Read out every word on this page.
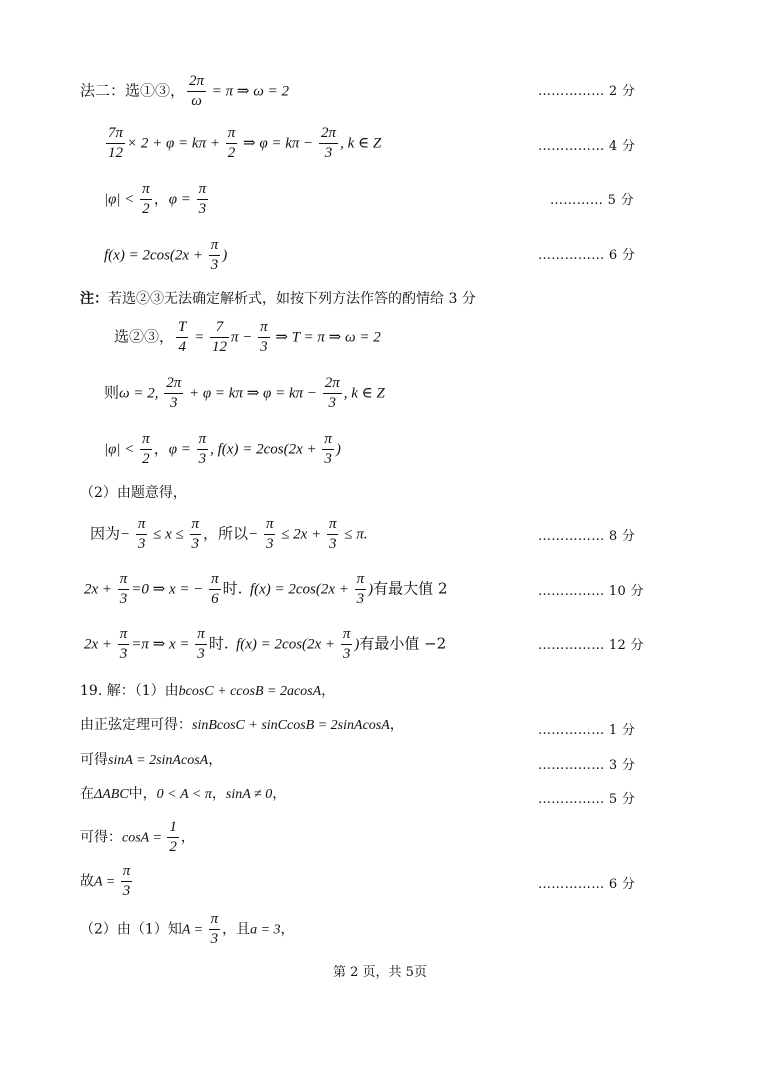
法二：选①③， $\frac{2\pi}{\omega} = \pi$ ⇒ ω = 2	…………… 2 分
$\frac{7\pi}{12} \times 2 + \varphi = k\pi + \frac{\pi}{2}$ ⇒ $\varphi = k\pi - \frac{2\pi}{3}$ , k ∈ Z	…………… 4 分
$|\varphi| < \frac{\pi}{2}$ ，$\varphi = \frac{\pi}{3}$	………… 5 分
$f(x) = 2\cos(2x + \frac{\pi}{3}$ )	…………… 6 分
注：若选②③无法确定解析式，如按下列方法作答的酌情给 3 分
选②③， $\frac{T}{4} = \frac{7}{12}$ $\pi - \frac{\pi}{3}$ ⇒ T = π ⇒ ω = 2
则ω = 2, $\frac{2\pi}{3} + \varphi = k\pi$ ⇒ $\varphi = k\pi - \frac{2\pi}{3}$ , k ∈ Z
$|\varphi| < \frac{\pi}{2}$ ，$\varphi = \frac{\pi}{3}$ , $f(x) = 2\cos(2x + \frac{\pi}{3}$ )
（2）由题意得，
因为− $\frac{\pi}{3} \le x \le \frac{\pi}{3}$ ，所以− $\frac{\pi}{3} \le 2x + \frac{\pi}{3} \le \pi$.	…………… 8 分
$2x + \frac{\pi}{3} =0$ ⇒ x = − $\frac{\pi}{6}$ 时.  $f(x) = 2\cos(2x + \frac{\pi}{3}$ )有最大值 2	…………… 10 分
$2x + \frac{\pi}{3} =\pi$ ⇒ $x = \frac{\pi}{3}$ 时.  $f(x) = 2\cos(2x + \frac{\pi}{3}$ )有最小值 −2	…………… 12 分
19. 解：（1）由bcosC + ccosB = 2acosA，
由正弦定理可得：sinBcosC + sinCcosB = 2sinAcosA，	…………… 1 分
可得sinA = 2sinAcosA，	…………… 3 分
在ΔABC中，0 < A < π，sinA ≠ 0，	…………… 5 分
可得：$\cos A = \frac{1}{2}$ ，
故$A = \frac{\pi}{3}$	…………… 6 分
（2）由（1）知$A = \frac{\pi}{3}$ ，且a = 3，
第 2 页，共 5页
